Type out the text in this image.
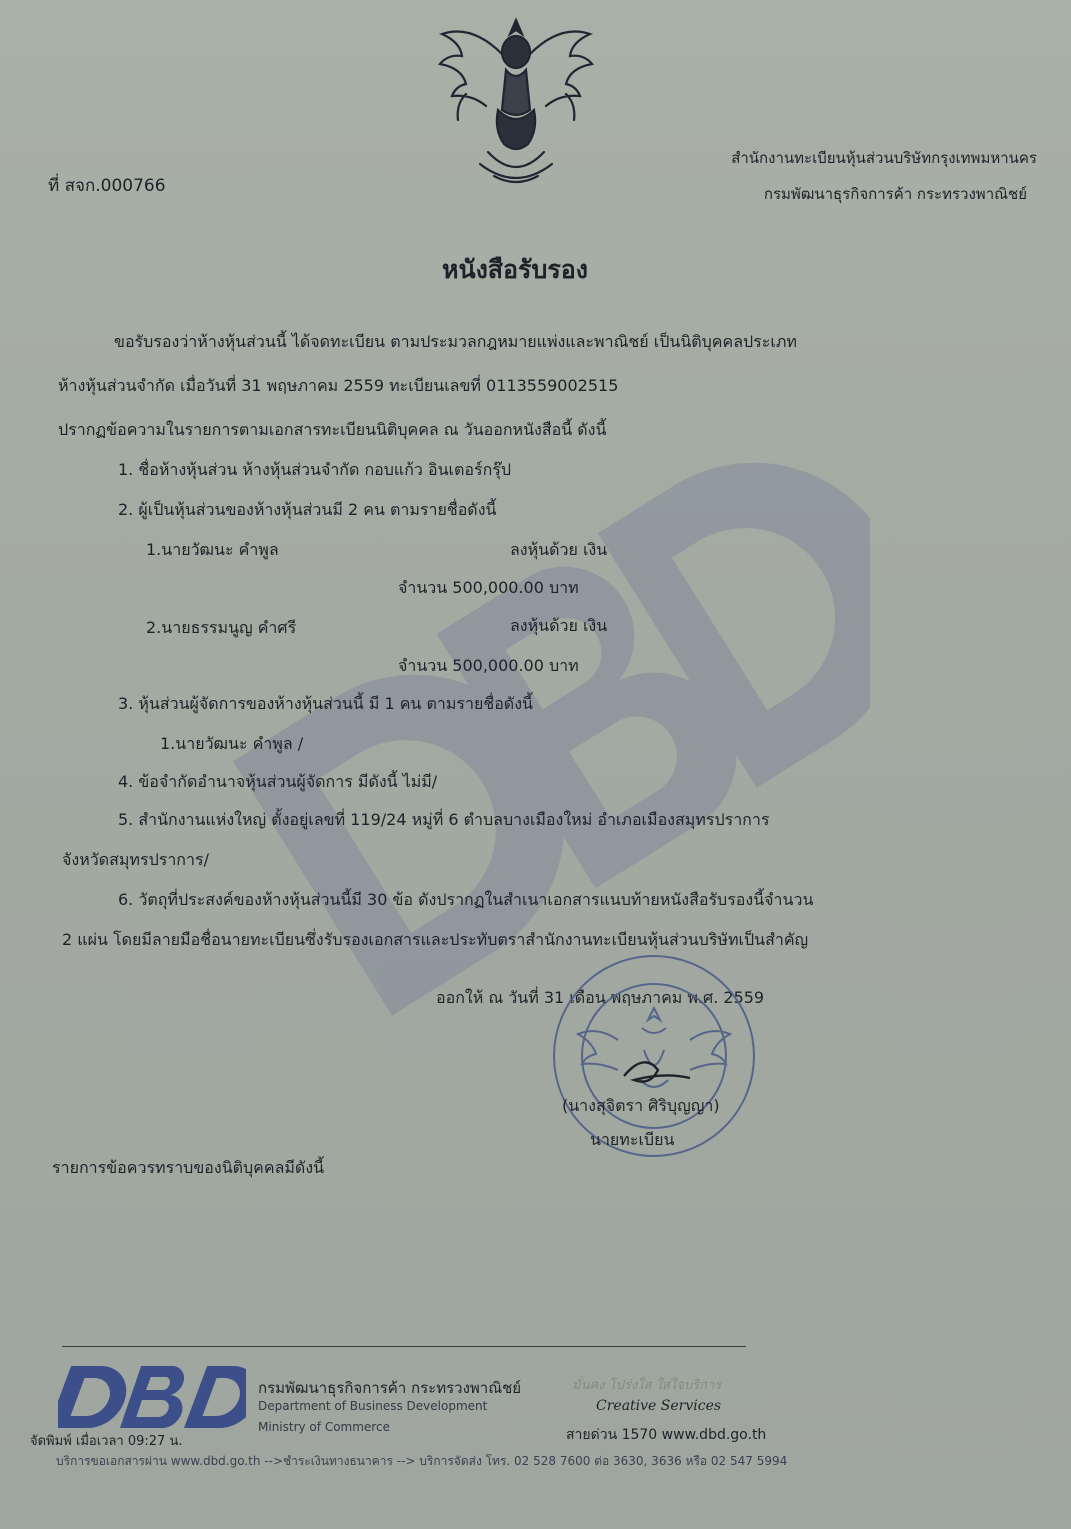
ที่ สจก.000766
สำนักงานทะเบียนหุ้นส่วนบริษัทกรุงเทพมหานคร
กรมพัฒนาธุรกิจการค้า กระทรวงพาณิชย์
หนังสือรับรอง
ขอรับรองว่าห้างหุ้นส่วนนี้ ได้จดทะเบียน ตามประมวลกฎหมายแพ่งและพาณิชย์ เป็นนิติบุคคลประเภท
ห้างหุ้นส่วนจำกัด เมื่อวันที่ 31 พฤษภาคม 2559 ทะเบียนเลขที่ 0113559002515
ปรากฏข้อความในรายการตามเอกสารทะเบียนนิติบุคคล ณ วันออกหนังสือนี้ ดังนี้
1. ชื่อห้างหุ้นส่วน ห้างหุ้นส่วนจำกัด กอบแก้ว อินเตอร์กรุ๊ป
2. ผู้เป็นหุ้นส่วนของห้างหุ้นส่วนมี 2 คน ตามรายชื่อดังนี้
1.นายวัฒนะ คำพูล	ลงหุ้นด้วย เงิน
จำนวน 500,000.00 บาท
2.นายธรรมนูญ คำศรี	ลงหุ้นด้วย เงิน
จำนวน 500,000.00 บาท
3. หุ้นส่วนผู้จัดการของห้างหุ้นส่วนนี้ มี 1 คน ตามรายชื่อดังนี้
1.นายวัฒนะ คำพูล /
4. ข้อจำกัดอำนาจหุ้นส่วนผู้จัดการ มีดังนี้ ไม่มี/
5. สำนักงานแห่งใหญ่ ตั้งอยู่เลขที่ 119/24 หมู่ที่ 6 ตำบลบางเมืองใหม่ อำเภอเมืองสมุทรปราการ
จังหวัดสมุทรปราการ/
6. วัตถุที่ประสงค์ของห้างหุ้นส่วนนี้มี 30 ข้อ ดังปรากฏในสำเนาเอกสารแนบท้ายหนังสือรับรองนี้จำนวน
2 แผ่น โดยมีลายมือชื่อนายทะเบียนซึ่งรับรองเอกสารและประทับตราสำนักงานทะเบียนหุ้นส่วนบริษัทเป็นสำคัญ
ออกให้ ณ วันที่ 31 เดือน พฤษภาคม พ.ศ. 2559
(นางสุจิตรา ศิริบุญญา)
นายทะเบียน
รายการข้อควรทราบของนิติบุคคลมีดังนี้
กรมพัฒนาธุรกิจการค้า กระทรวงพาณิชย์
Department of Business Development
Ministry of Commerce
มั่นคง โปร่งใส ใส่ใจบริการ
Creative Services
สายด่วน 1570 www.dbd.go.th
จัดพิมพ์ เมื่อเวลา 09:27 น.
บริการขอเอกสารผ่าน www.dbd.go.th -->ชำระเงินทางธนาคาร --> บริการจัดส่ง โทร. 02 528 7600 ต่อ 3630, 3636 หรือ 02 547 5994
